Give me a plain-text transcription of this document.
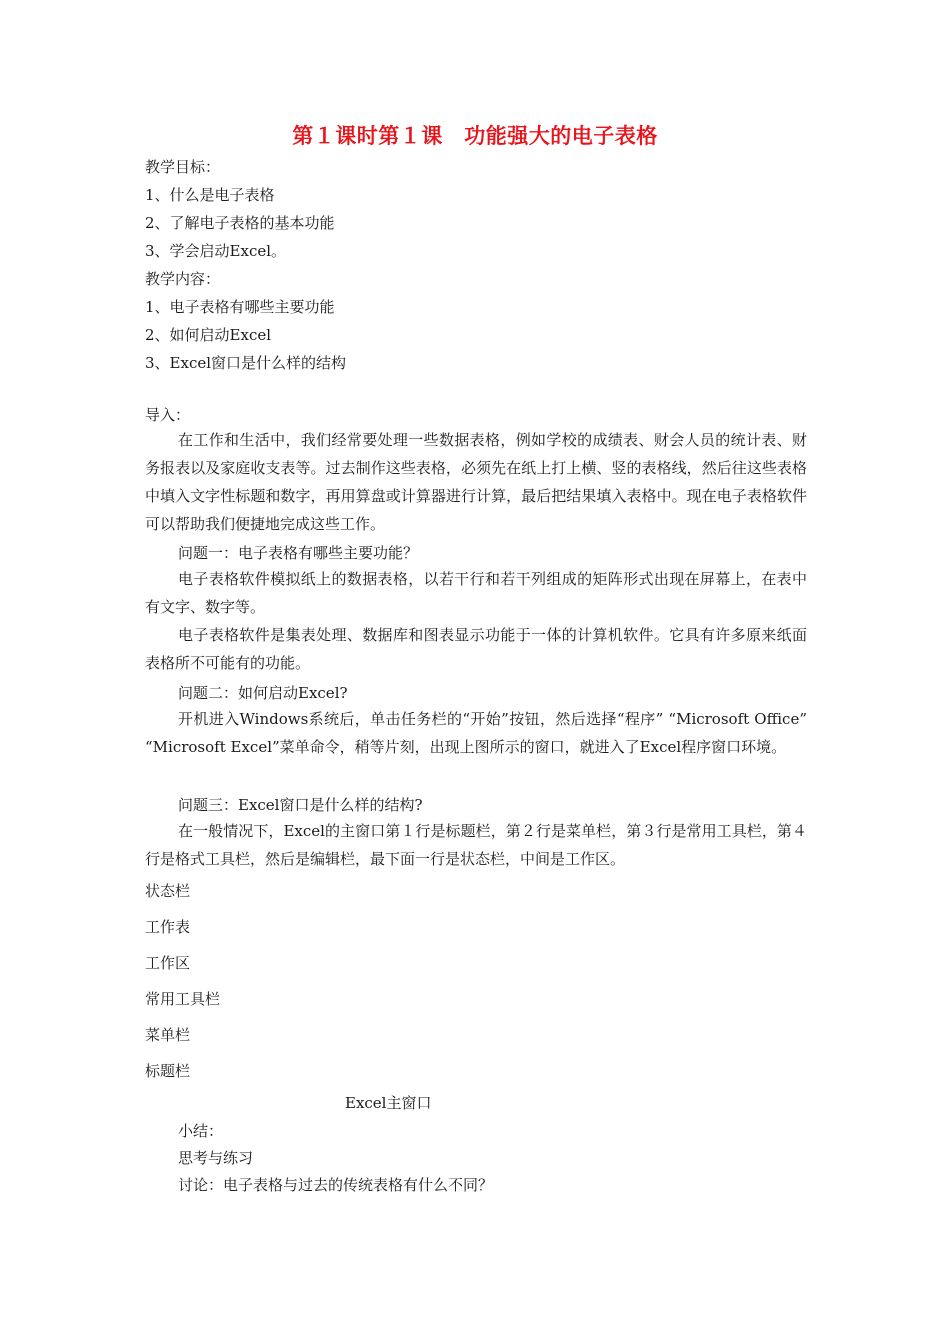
第１课时第１课　功能强大的电子表格
教学目标：
1、什么是电子表格
2、了解电子表格的基本功能
3、学会启动Excel。
教学内容：
1、电子表格有哪些主要功能
2、如何启动Excel
3、Excel窗口是什么样的结构
导入：
在工作和生活中，我们经常要处理一些数据表格，例如学校的成绩表、财会人员的统计表、财务报表以及家庭收支表等。过去制作这些表格，必须先在纸上打上横、竖的表格线，然后往这些表格中填入文字性标题和数字，再用算盘或计算器进行计算，最后把结果填入表格中。现在电子表格软件可以帮助我们便捷地完成这些工作。
问题一：电子表格有哪些主要功能？
电子表格软件模拟纸上的数据表格，以若干行和若干列组成的矩阵形式出现在屏幕上，在表中有文字、数字等。
电子表格软件是集表处理、数据库和图表显示功能于一体的计算机软件。它具有许多原来纸面表格所不可能有的功能。
问题二：如何启动Excel?
开机进入Windows系统后，单击任务栏的“开始”按钮，然后选择“程序” “Microsoft Office” “Microsoft Excel”菜单命令，稍等片刻，出现上图所示的窗口，就进入了Excel程序窗口环境。
问题三：Excel窗口是什么样的结构?
在一般情况下，Excel的主窗口第１行是标题栏，第２行是菜单栏，第３行是常用工具栏，第４行是格式工具栏，然后是编辑栏，最下面一行是状态栏，中间是工作区。
状态栏
工作表
工作区
常用工具栏
菜单栏
标题栏
Excel主窗口
小结：
思考与练习
讨论：电子表格与过去的传统表格有什么不同？
